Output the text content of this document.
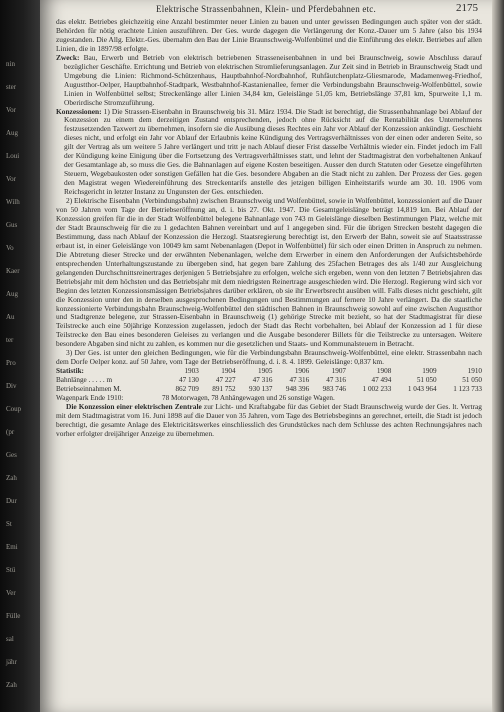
nin
ster
Vor
Aug
Loui
Vor
Wilh
Gus
Vo
Kaer
Aug
Au
ter
Pro
Div
Coup
(pr
Ges
Zah
Dur
St
Emi
Stü
Ver
Fülle
sal
jähr
Zah
Elektrische Strassenbahnen, Klein- und Pferdebahnen etc.	2175

das elektr. Betriebes gleichzeitig eine Anzahl bestimmter neuer Linien zu bauen und unter gewissen Bedingungen auch später von der städt. Behörden für nötig erachtete Linien auszuführen. Der Ges. wurde dagegen die Verlängerung der Konz.-Dauer um 5 Jahre (also bis 1934 zugestanden. Die Allg. Elektr.-Ges. übernahm den Bau der Linie Braunschweig-Wolfenbüttel und die Einführung des elektr. Betriebes auf allen Linien, die in 1897/98 erfolgte.

Zweck: Bau, Erwerb und Betrieb von elektrisch betriebenen Strasseneisenbahnen in und bei Braunschweig, sowie Abschluss darauf bezüglicher Geschäfte. Errichtung und Betrieb von elektrischen Stromlieferungsanlagen. Zur Zeit sind in Betrieb in Braunschweig Stadt und Umgebung die Linien: Richmond-Schützenhaus, Hauptbahnhof-Nordbahnhof, Ruhfäutchenplatz-Gliesmarode, Madamenweg-Friedhof, Augustthor-Oelper, Hauptbahnhof-Stadtpark, Westbahnhof-Kastanienallee, ferner die Verbindungsbahn Braunschweig-Wolfenbüttel, sowie Linien in Wolfenbüttel selbst; Streckenlänge aller Linien 34,84 km, Geleislänge 51,05 km, Betriebslänge 37,81 km, Spurweite 1,1 m. Oberirdische Stromzuführung.

Konzessionen: 1) Die Strassen-Eisenbahn in Braunschweig bis 31. März 1934. Die Stadt ist berechtigt, die Strassenbahnanlage bei Ablauf der Konzession zu einem dem derzeitigen Zustand entsprechenden, jedoch ohne Rücksicht auf die Rentabilität des Unternehmens festzusetzenden Taxwert zu übernehmen, insofern sie die Ausübung dieses Rechtes ein Jahr vor Ablauf der Konzession ankündigt. Geschieht dieses nicht, und erfolgt ein Jahr vor Ablauf der Erlaubnis keine Kündigung des Vertragsverhältnisses von der einen oder anderen Seite, so gilt der Vertrag als um weitere 5 Jahre verlängert und tritt je nach Ablauf dieser Frist dasselbe Verhältnis wieder ein. Findet jedoch im Fall der Kündigung keine Einigung über die Fortsetzung des Vertragsverhältnisses statt, und lehnt der Stadtmagistrat den vorbehaltenen Ankauf der Gesamtanlage ab, so muss die Ges. die Bahnanlagen auf eigene Kosten beseitigen. Ausser den durch Statuten oder Gesetze eingeführten Steuern, Wegebaukosten oder sonstigen Gefällen hat die Ges. besondere Abgaben an die Stadt nicht zu zahlen. Der Prozess der Ges. gegen den Magistrat wegen Wiedereinführung des Streckentarifs anstelle des jetzigen billigen Einheitstarifs wurde am 30. 10. 1906 vom Reichsgericht in letzter Instanz zu Ungunsten der Ges. entschieden.

2) Elektrische Eisenbahn (Verbindungsbahn) zwischen Braunschweig und Wolfenbüttel, sowie in Wolfenbüttel, konzessioniert auf die Dauer von 50 Jahren vom Tage der Betriebseröffnung an, d. i. bis 27. Okt. 1947. Die Gesamtgeleislänge beträgt 14,819 km. Bei Ablauf der Konzession greifen für die in der Stadt Wolfenbüttel belegene Bahnanlage von 743 m Geleislänge dieselben Bestimmungen Platz, welche mit der Stadt Braunschweig für die zu 1 gedachten Bahnen vereinbart und auf 1 angegeben sind. Für die übrigen Strecken besteht dagegen die Bestimmung, dass nach Ablauf der Konzession die Herzogl. Staatsregierung berechtigt ist, den Erwerb der Bahn, soweit sie auf Staatsstrasse erbaut ist, in einer Geleislänge von 10049 km samt Nebenanlagen (Depot in Wolfenbüttel) für sich oder einen Dritten in Anspruch zu nehmen. Die Abtretung dieser Strecke und der erwähnten Nebenanlagen, welche dem Erwerber in einem den Anforderungen der Aufsichtsbehörde entsprechenden Unterhaltungszustande zu übergeben sind, hat gegen bare Zahlung des 25fachen Betrages des als 1/40 zur Ausgleichung gelangenden Durchschnittsreinertrages derjenigen 5 Betriebsjahre zu erfolgen, welche sich ergeben, wenn von den letzten 7 Betriebsjahren das Betriebsjahr mit dem höchsten und das Betriebsjahr mit dem niedrigsten Reinertrage ausgeschieden wird. Die Herzogl. Regierung wird sich vor Beginn des letzten Konzessionsmässigen Betriebsjahres darüber erklären, ob sie ihr Erwerbsrecht ausüben will. Falls dieses nicht geschieht, gilt die Konzession unter den in derselben ausgesprochenen Bedingungen und Bestimmungen auf fernere 10 Jahre verlängert. Da die staatliche konzessionierte Verbindungsbahn Braunschweig-Wolfenbüttel den städtischen Bahnen in Braunschweig sowohl auf eine zwischen Augustthor und Stadtgrenze belegene, zur Strassen-Eisenbahn in Braunschweig (1) gehörige Strecke mit bezieht, so hat der Stadtmagistrat für diese Teilstrecke auch eine 50jährige Konzession zugelassen, jedoch der Stadt das Recht vorbehalten, bei Ablauf der Konzession ad 1 für diese Teilstrecke den Bau eines besonderen Geleises zu verlangen und die Ausgabe besonderer Billets für die Teilstrecke zu untersagen. Weitere besondere Abgaben sind nicht zu zahlen, es kommen nur die gesetzlichen und Staats- und Kommunalsteuern in Betracht.

3) Der Ges. ist unter den gleichen Bedingungen, wie für die Verbindungsbahn Braunschweig-Wolfenbüttel, eine elektr. Strassenbahn nach dem Dorfe Oelper konz. auf 50 Jahre, vom Tage der Betriebseröffnung, d. i. 8. 4. 1899. Geleislänge: 0,837 km.

Statistik:	1903	1904	1905	1906	1907	1908	1909	1910
Bahnlänge . . . . . m	47 130	47 227	47 316	47 316	47 316	47 494	51 050	51 050
Betriebseinnahmen M.	862 709	891 752	930 137	948 396	983 746	1 002 233	1 043 964	1 123 733
Wagenpark Ende 1910:	78 Motorwagen, 78 Anhängewagen und 26 sonstige Wagen.							

Die Konzession einer elektrischen Zentrale zur Licht- und Kraftabgabe für das Gebiet der Stadt Braunschweig wurde der Ges. lt. Vertrag mit dem Stadtmagistrat vom 16. Juni 1898 auf die Dauer von 35 Jahren, vom Tage des Betriebsbeginns an gerechnet, erteilt, die Stadt ist jedoch berechtigt, die gesamte Anlage des Elektricitätswerkes einschliesslich des Grundstückes nach dem Schlusse des achten Rechnungsjahres nach vorher erfolgter dreijähriger Anzeige zu übernehmen.
